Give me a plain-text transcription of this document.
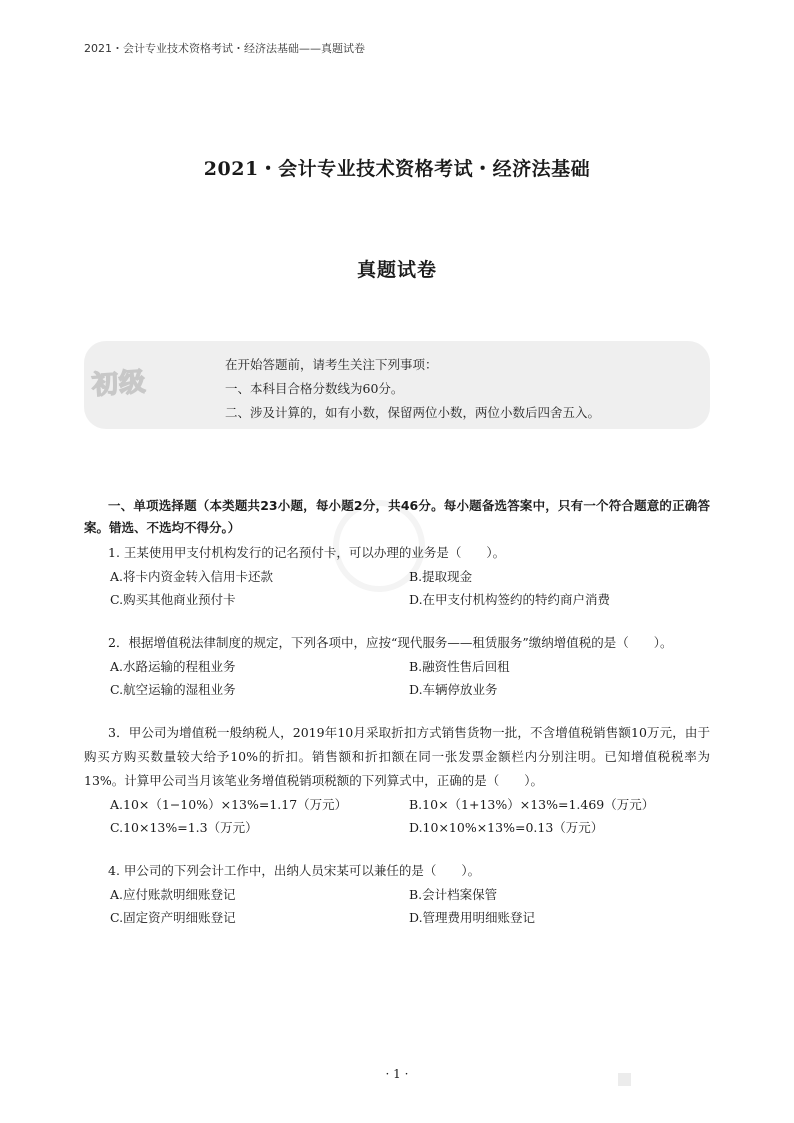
2021・会计专业技术资格考试・经济法基础——真题试卷
2021・会计专业技术资格考试・经济法基础
真题试卷
初级
在开始答题前，请考生关注下列事项：
一、本科目合格分数线为60分。
二、涉及计算的，如有小数，保留两位小数，两位小数后四舍五入。

一、单项选择题（本类题共23小题，每小题2分，共46分。每小题备选答案中，只有一个符合题意的正确答案。错选、不选均不得分。）

1. 王某使用甲支付机构发行的记名预付卡，可以办理的业务是（　　）。

A.将卡内资金转入信用卡还款	B.提取现金
C.购买其他商业预付卡	D.在甲支付机构签约的特约商户消费

2．根据增值税法律制度的规定，下列各项中，应按“现代服务——租赁服务”缴纳增值税的是（　　）。

A.水路运输的程租业务	B.融资性售后回租
C.航空运输的湿租业务	D.车辆停放业务

3．甲公司为增值税一般纳税人，2019年10月采取折扣方式销售货物一批，不含增值税销售额10万元，由于购买方购买数量较大给予10%的折扣。销售额和折扣额在同一张发票金额栏内分别注明。已知增值税税率为13%。计算甲公司当月该笔业务增值税销项税额的下列算式中，正确的是（　　）。

A.10×（1−10%）×13%=1.17（万元）	B.10×（1+13%）×13%=1.469（万元）
C.10×13%=1.3（万元）	D.10×10%×13%=0.13（万元）

4. 甲公司的下列会计工作中，出纳人员宋某可以兼任的是（　　）。

A.应付账款明细账登记	B.会计档案保管
C.固定资产明细账登记	D.管理费用明细账登记
· 1 ·
